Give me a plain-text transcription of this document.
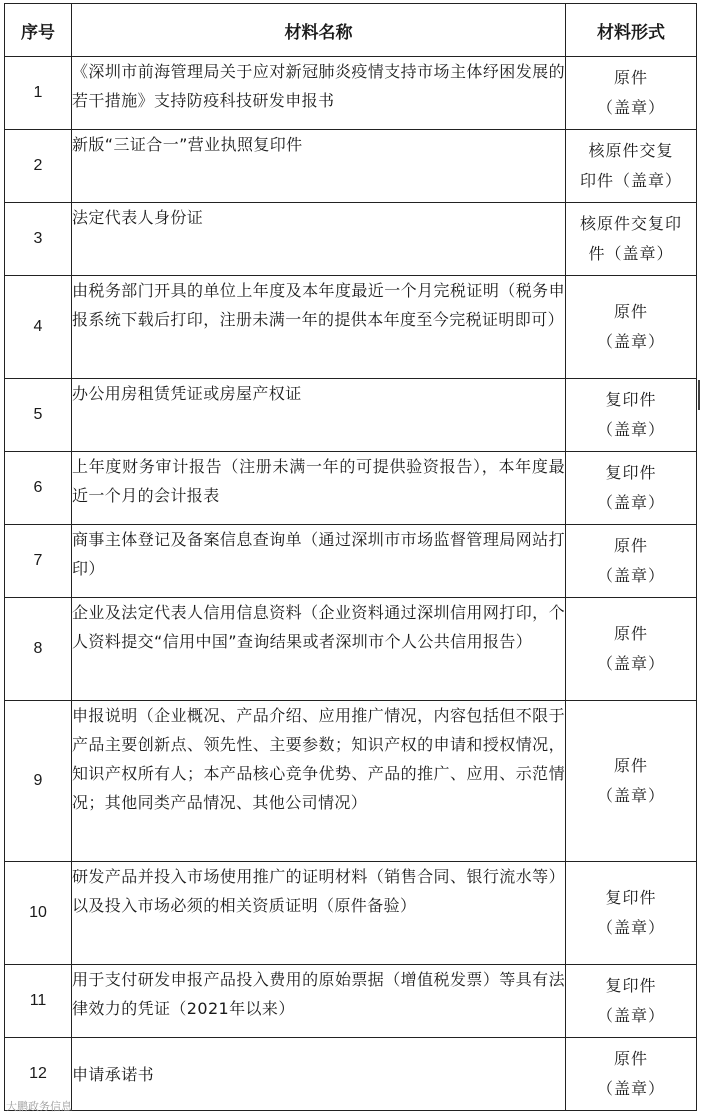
序号	材料名称	材料形式
1	《深圳市前海管理局关于应对新冠肺炎疫情支持市场主体纾困发展的若干措施》支持防疫科技研发申报书	原件
（盖章）

2	新版“三证合一”营业执照复印件	核原件交复
印件（盖章）

3	法定代表人身份证	核原件交复印
件（盖章）

4	由税务部门开具的单位上年度及本年度最近一个月完税证明（税务申报系统下载后打印，注册未满一年的提供本年度至今完税证明即可）	原件
（盖章）

5	办公用房租赁凭证或房屋产权证	复印件
（盖章）

6	上年度财务审计报告（注册未满一年的可提供验资报告），本年度最近一个月的会计报表	复印件
（盖章）

7	商事主体登记及备案信息查询单（通过深圳市市场监督管理局网站打印）	原件
（盖章）

8	企业及法定代表人信用信息资料（企业资料通过深圳信用网打印，个人资料提交“信用中国”查询结果或者深圳市个人公共信用报告）	原件
（盖章）

9	申报说明（企业概况、产品介绍、应用推广情况，内容包括但不限于产品主要创新点、领先性、主要参数；知识产权的申请和授权情况，知识产权所有人；本产品核心竞争优势、产品的推广、应用、示范情况；其他同类产品情况、其他公司情况）	原件
（盖章）

10	研发产品并投入市场使用推广的证明材料（销售合同、银行流水等）以及投入市场必须的相关资质证明（原件备验）	复印件
（盖章）

11	用于支付研发申报产品投入费用的原始票据（增值税发票）等具有法律效力的凭证（2021年以来）	复印件
（盖章）

12	申请承诺书	原件
（盖章）
大鹏政务信息
